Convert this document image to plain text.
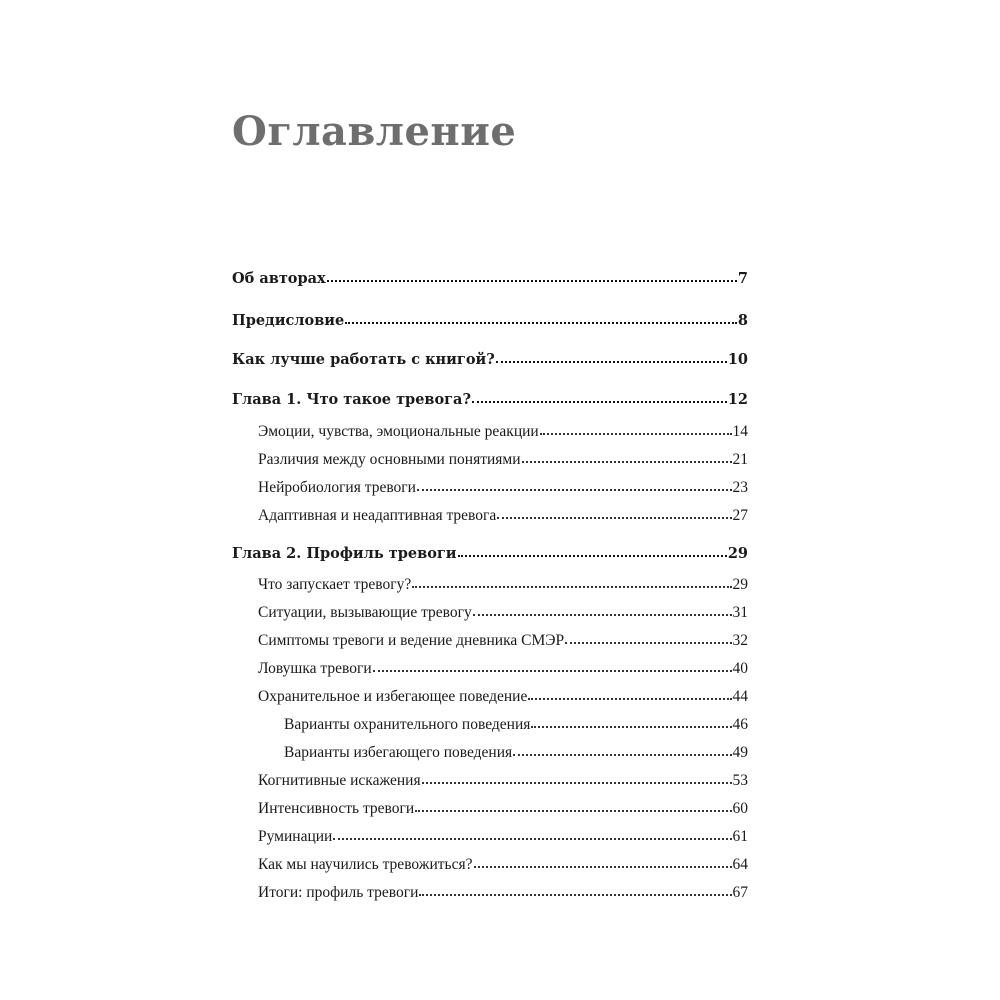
Оглавление
Об авторах	7
Предисловие	8
Как лучше работать с книгой?	10
Глава 1. Что такое тревога?	12
Эмоции, чувства, эмоциональные реакции	14
Различия между основными понятиями	21
Нейробиология тревоги	23
Адаптивная и неадаптивная тревога	27
Глава 2. Профиль тревоги	29
Что запускает тревогу?	29
Ситуации, вызывающие тревогу	31
Симптомы тревоги и ведение дневника СМЭР	32
Ловушка тревоги	40
Охранительное и избегающее поведение	44
Варианты охранительного поведения	46
Варианты избегающего поведения	49
Когнитивные искажения	53
Интенсивность тревоги	60
Руминации	61
Как мы научились тревожиться?	64
Итоги: профиль тревоги	67
